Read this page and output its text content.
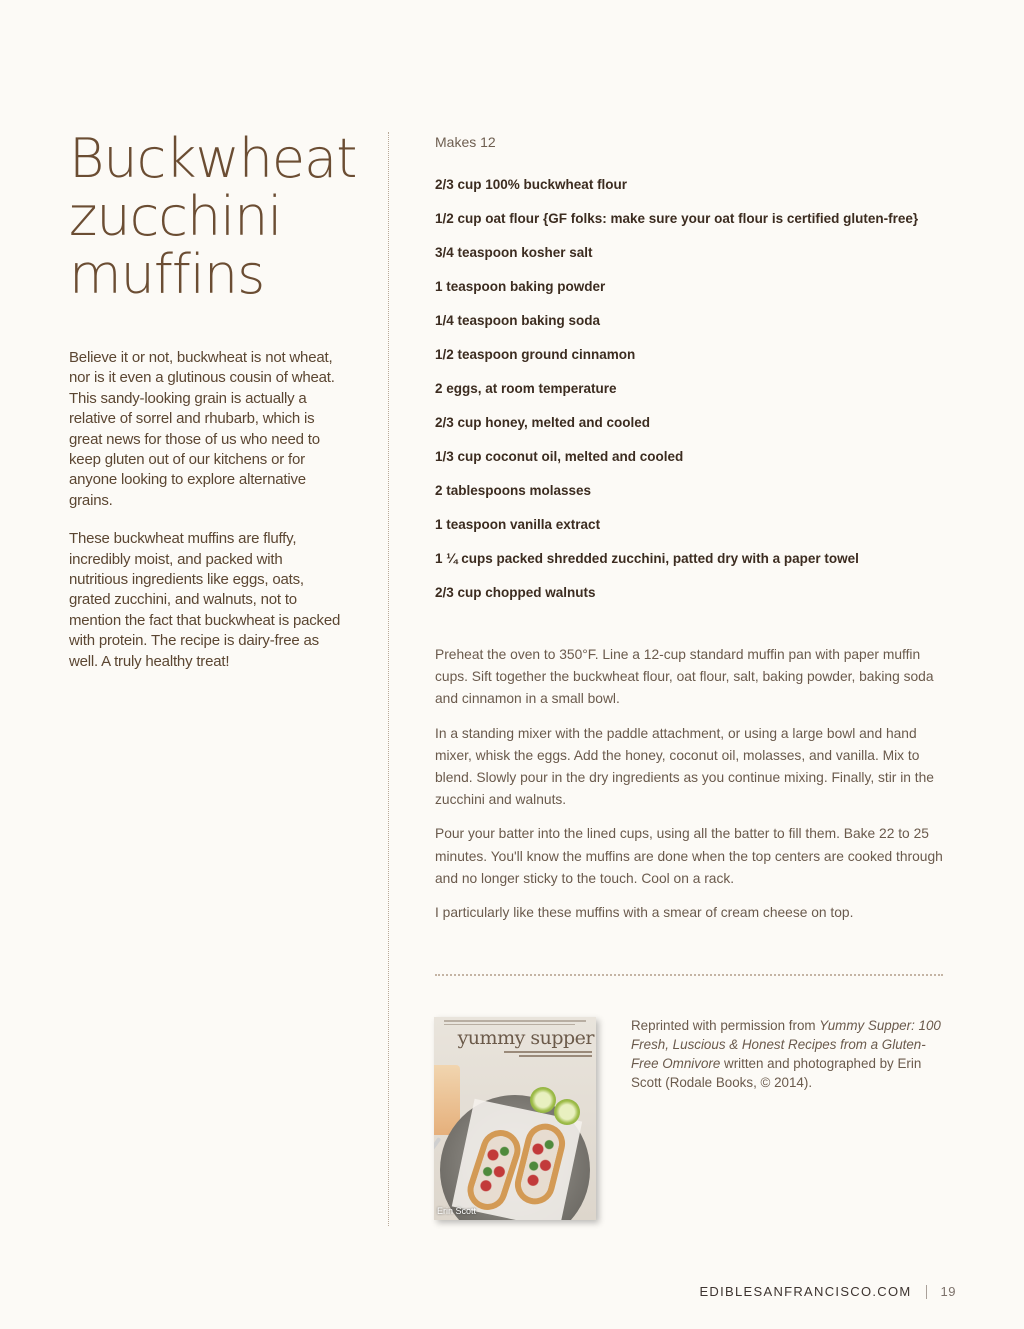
Buckwheat
zucchini
muffins

Believe it or not, buckwheat is not wheat, nor is it even a glutinous cousin of wheat. This sandy-looking grain is actually a relative of sorrel and rhubarb, which is great news for those of us who need to keep gluten out of our kitchens or for anyone looking to explore alternative grains.

These buckwheat muffins are fluffy, incredibly moist, and packed with nutritious ingredients like eggs, oats, grated zucchini, and walnuts, not to mention the fact that buckwheat is packed with protein. The recipe is dairy-free as well. A truly healthy treat!

Makes 12

2/3 cup 100% buckwheat flour
1/2 cup oat flour {GF folks: make sure your oat flour is certified gluten-free}
3/4 teaspoon kosher salt
1 teaspoon baking powder
1/4 teaspoon baking soda
1/2 teaspoon ground cinnamon
2 eggs, at room temperature
2/3 cup honey, melted and cooled
1/3 cup coconut oil, melted and cooled
2 tablespoons molasses
1 teaspoon vanilla extract
1 ¼ cups packed shredded zucchini, patted dry with a paper towel
2/3 cup chopped walnuts

Preheat the oven to 350°F. Line a 12-cup standard muffin pan with paper muffin cups. Sift together the buckwheat flour, oat flour, salt, baking powder, baking soda and cinnamon in a small bowl.

In a standing mixer with the paddle attachment, or using a large bowl and hand mixer, whisk the eggs. Add the honey, coconut oil, molasses, and vanilla. Mix to blend. Slowly pour in the dry ingredients as you continue mixing. Finally, stir in the zucchini and walnuts.

Pour your batter into the lined cups, using all the batter to fill them. Bake 22 to 25 minutes. You'll know the muffins are done when the top centers are cooked through and no longer sticky to the touch. Cool on a rack.

I particularly like these muffins with a smear of cream cheese on top.

yummy supper
Erin Scott
Reprinted with permission from Yummy Supper: 100 Fresh, Luscious & Honest Recipes from a Gluten-Free Omnivore written and photographed by Erin Scott (Rodale Books, © 2014).
EDIBLESANFRANCISCO.COM 19
